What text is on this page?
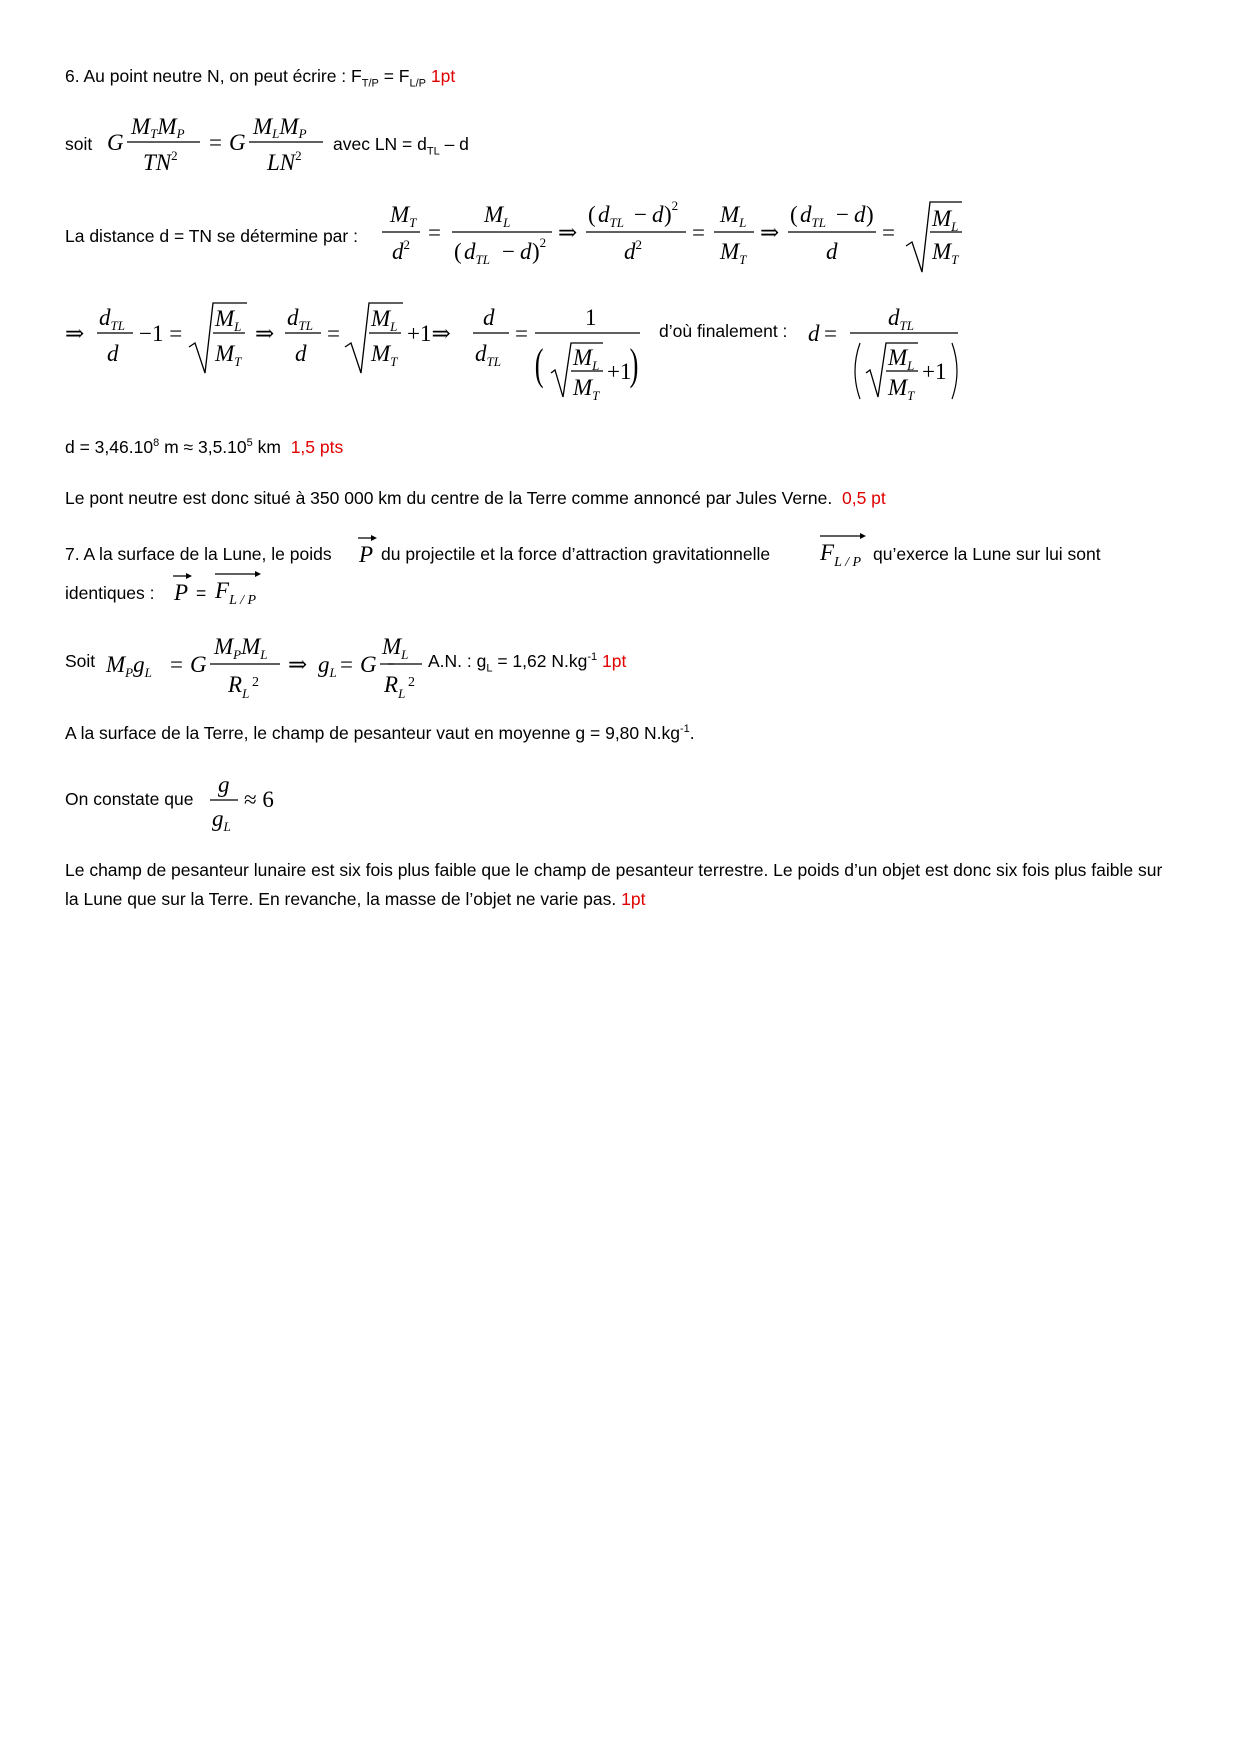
6. Au point neutre N, on peut écrire : $F_{T/P} = F_{L/P}$ 1pt
soit G
MTMP
$TN^2$
= G
MLMP
$LN^2$
avec LN = $d_{TL}$ – d
La distance d = TN se détermine par :
$M_T$
$d^2$ =
$M_L$
( $d_{TL} - d$ )$^2$ ⇒
( $d_{TL} - d$ )$^2$
$d^2$ =
$M_L$
$M_T$
⇒
( $d_{TL} - d$ )
d
=
$M_L$
$M_T$
⇒
$d_{TL}$
d
−1 =
$M_L$
$M_T$
⇒
$d_{TL}$
d
=
$M_L$
$M_T$
+1⇒
d
$d_{TL}$
=
1
( $M_L$
$M_T$
+1
)
d’où finalement : d =
$d_{TL}$
$M_L$
$M_T$
+1
$d = 3,46.10^8$ $m \approx 3,5.10^5$ km 1,5 pts
Le pont neutre est donc situé à 350 000 km du centre de la Terre comme annoncé par Jules Verne. 0,5 pt
7. A la surface de la Lune, le poids P du projectile et la force d’attraction gravitationnelle $F_{L / P}$ qu’exerce la Lune sur lui sont
identiques : $P = F_{L / P}$
Soit $M_Pg_L = G$
$M_PM_L$
$R_L$
2
⇒ $g_L = G$
$M_L$
$R_L$
2
A.N. : $g_L = 1,62$ $N.kg^{-1}$ 1pt
A la surface de la Terre, le champ de pesanteur vaut en moyenne g = 9,80 $N.kg^{-1}$.
On constate que
g
$g_L$
≈ 6
Le champ de pesanteur lunaire est six fois plus faible que le champ de pesanteur terrestre. Le poids d’un objet est donc six fois plus faible sur la Lune que sur la Terre. En revanche, la masse de l’objet ne varie pas. 1pt
